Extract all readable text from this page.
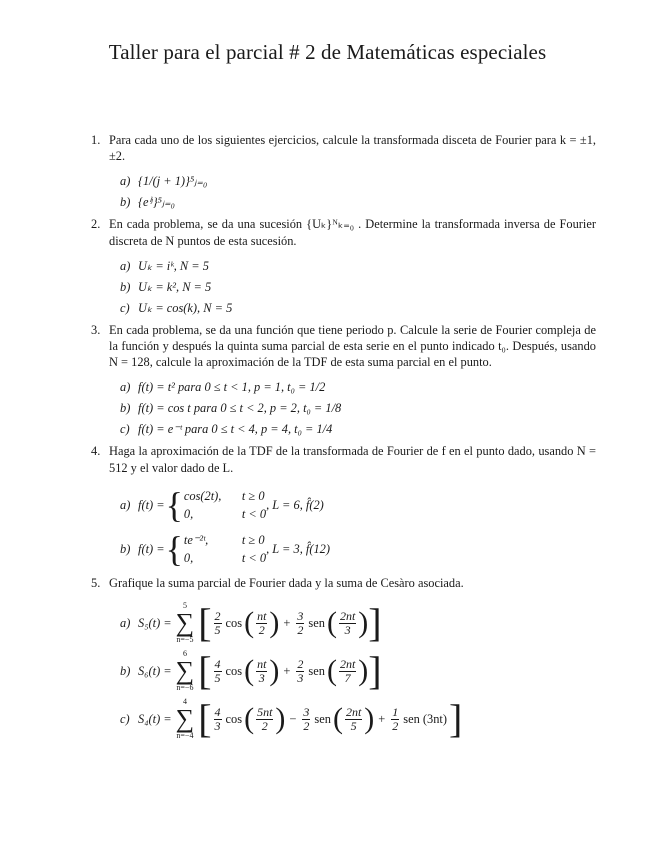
Taller para el parcial # 2 de Matemáticas especiales
1. Para cada uno de los siguientes ejercicios, calcule la transformada disceta de Fourier para k = ±1, ±2.
a) {1/(j + 1)}⁵ⱼ₌₀
b) {eⁱʲ}⁵ⱼ₌₀
2. En cada problema, se da una sucesión {Uₖ}ᴺₖ₌₀ . Determine la transformada inversa de Fourier discreta de N puntos de esta sucesión.
a) Uₖ = iᵏ, N = 5
b) Uₖ = k², N = 5
c) Uₖ = cos(k), N = 5
3. En cada problema, se da una función que tiene periodo p. Calcule la serie de Fourier compleja de la función y después la quinta suma parcial de esta serie en el punto indicado t₀. Después, usando N = 128, calcule la aproximación de la TDF de esta suma parcial en el punto.
a) f(t) = t² para 0 ≤ t < 1, p = 1, t₀ = 1/2
b) f(t) = cos t para 0 ≤ t < 2, p = 2, t₀ = 1/8
c) f(t) = e⁻ᵗ para 0 ≤ t < 4, p = 4, t₀ = 1/4
4. Haga la aproximación de la TDF de la transformada de Fourier de f en el punto dado, usando N = 512 y el valor dado de L.
a) f(t) = { cos(2t),	t ≥ 0
0,	t < 0
, L = 6, f̂(2)
b) f(t) = { te⁻²ᵗ,	t ≥ 0
0,	t < 0
, L = 3, f̂(12)
5. Grafique la suma parcial de Fourier dada y la suma de Cesàro asociada.
a) S₅(t) =
5
∑
n=−5 [ $\frac{2}{5}$ cos ( $\frac{nt}{2}$ ) + $\frac{3}{2}$ sen ( $\frac{2nt}{3}$ ) ]
b) S₆(t) =
6
∑
n=−6 [ $\frac{4}{5}$ cos ( $\frac{nt}{3}$ ) + $\frac{2}{3}$ sen ( $\frac{2nt}{7}$ ) ]
c) S₄(t) =
4
∑
n=−4 [ $\frac{4}{3}$ cos ( $\frac{5nt}{2}$ ) − $\frac{3}{2}$ sen ( $\frac{2nt}{5}$ ) + $\frac{1}{2}$ sen (3nt) ]
